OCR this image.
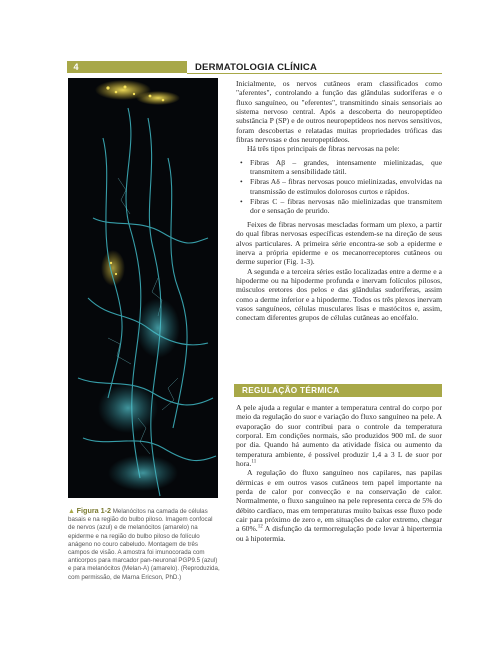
4	DERMATOLOGIA CLÍNICA
▲ Figura 1-2 Melanócitos na camada de células basais e na região do bulbo piloso. Imagem confocal de nervos (azul) e de melanócitos (amarelo) na epiderme e na região do bulbo piloso de folículo anágeno no couro cabeludo. Montagem de três campos de visão. A amostra foi imunocorada com anticorpos para marcador pan-neuronal PGP9.5 (azul) e para melanócitos (Melan-A) (amarelo). (Reproduzida, com permissão, de Marna Ericson, PhD.)

Inicialmente, os nervos cutâneos eram classificados como "aferentes", controlando a função das glândulas sudoríferas e o fluxo sanguíneo, ou "eferentes", transmitindo sinais sensoriais ao sistema nervoso central. Após a descoberta do neuropeptídeo substância P (SP) e de outros neuropeptídeos nos nervos sensitivos, foram descobertas e relatadas muitas propriedades tróficas das fibras nervosas e dos neuropeptídeos.

Há três tipos principais de fibras nervosas na pele:

• Fibras Aβ – grandes, intensamente mielinizadas, que transmitem a sensibilidade tátil.
• Fibras Aδ – fibras nervosas pouco mielinizadas, envolvidas na transmissão de estímulos dolorosos curtos e rápidos.
• Fibras C – fibras nervosas não mielinizadas que transmitem dor e sensação de prurido.

Feixes de fibras nervosas mescladas formam um plexo, a partir do qual fibras nervosas específicas estendem-se na direção de seus alvos particulares. A primeira série encontra-se sob a epiderme e inerva a própria epiderme e os mecanorreceptores cutâneos ou derme superior (Fig. 1-3).

A segunda e a terceira séries estão localizadas entre a derme e a hipoderme ou na hipoderme profunda e inervam folículos pilosos, músculos eretores dos pelos e das glândulas sudoríferas, assim como a derme inferior e a hipoderme. Todos os três plexos inervam vasos sanguíneos, células musculares lisas e mastócitos e, assim, conectam diferentes grupos de células cutâneas ao encéfalo.

REGULAÇÃO TÉRMICA

A pele ajuda a regular e manter a temperatura central do corpo por meio da regulação do suor e variação do fluxo sanguíneo na pele. A evaporação do suor contribui para o controle da temperatura corporal. Em condições normais, são produzidos 900 mL de suor por dia. Quando há aumento da atividade física ou aumento da temperatura ambiente, é possível produzir 1,4 a 3 L de suor por hora.$^{11}$

A regulação do fluxo sanguíneo nos capilares, nas papilas dérmicas e em outros vasos cutâneos tem papel importante na perda de calor por convecção e na conservação de calor. Normalmente, o fluxo sanguíneo na pele representa cerca de 5% do débito cardíaco, mas em temperaturas muito baixas esse fluxo pode cair para próximo de zero e, em situações de calor extremo, chegar a 60%.$^{12}$ A disfunção da termorregulação pode levar à hipertermia ou à hipotermia.
